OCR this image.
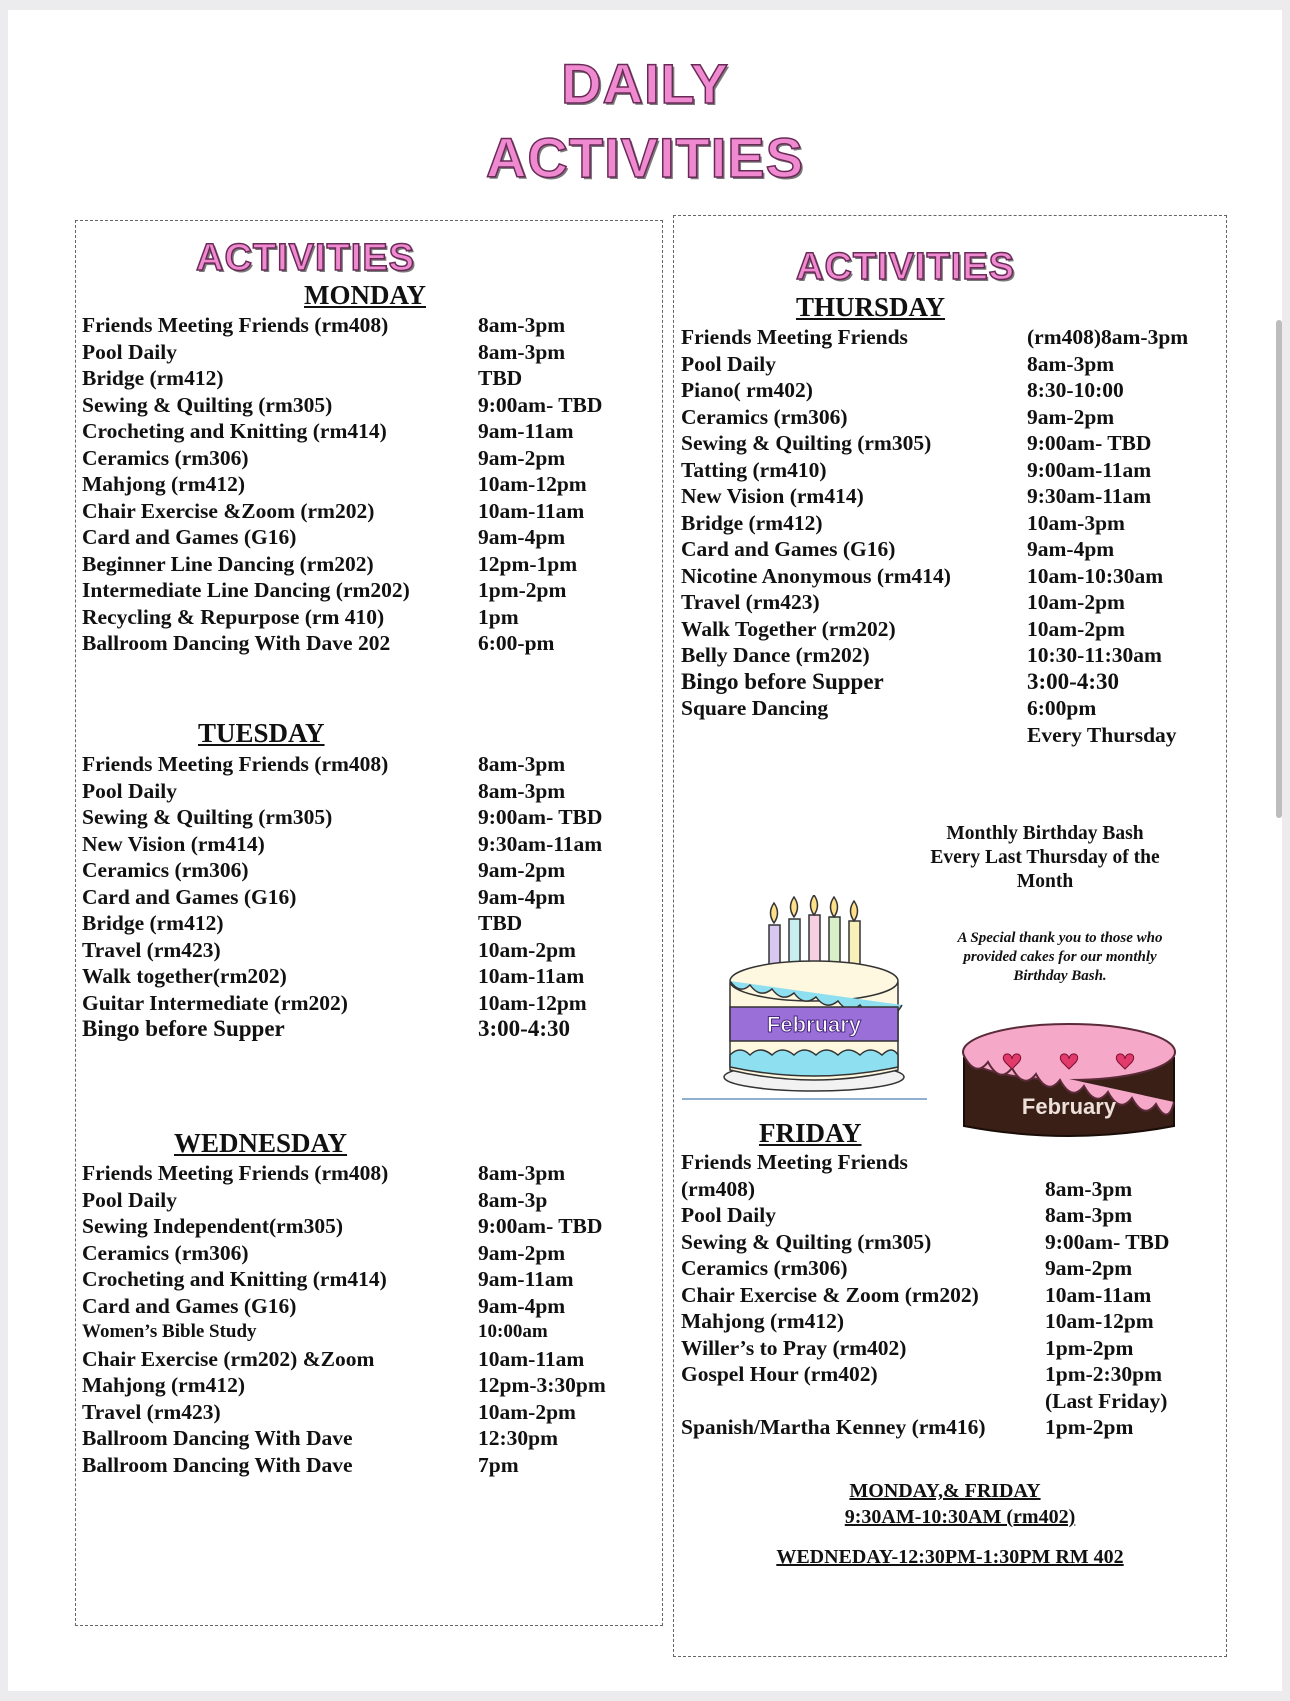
DAILY
ACTIVITIES
ACTIVITIES
MONDAY
Friends Meeting Friends (rm408)	8am-3pm
Pool Daily	8am-3pm
Bridge (rm412)	TBD
Sewing & Quilting (rm305)	9:00am- TBD
Crocheting and Knitting (rm414)	9am-11am
Ceramics (rm306)	9am-2pm
Mahjong (rm412)	10am-12pm
Chair Exercise &Zoom (rm202)	10am-11am
Card and Games (G16)	9am-4pm
Beginner Line Dancing (rm202)	12pm-1pm
Intermediate Line Dancing (rm202)	1pm-2pm
Recycling & Repurpose (rm 410)	1pm
Ballroom Dancing With Dave 202	6:00-pm
TUESDAY
Friends Meeting Friends (rm408)	8am-3pm
Pool Daily	8am-3pm
Sewing & Quilting (rm305)	9:00am- TBD
New Vision (rm414)	9:30am-11am
Ceramics (rm306)	9am-2pm
Card and Games (G16)	9am-4pm
Bridge (rm412)	TBD
Travel (rm423)	10am-2pm
Walk together(rm202)	10am-11am
Guitar Intermediate (rm202)	10am-12pm
Bingo before Supper	3:00-4:30
WEDNESDAY
Friends Meeting Friends (rm408)	8am-3pm
Pool Daily	8am-3p
Sewing Independent(rm305)	9:00am- TBD
Ceramics (rm306)	9am-2pm
Crocheting and Knitting (rm414)	9am-11am
Card and Games (G16)	9am-4pm
Women’s Bible Study	10:00am
Chair Exercise (rm202) &Zoom	10am-11am
Mahjong (rm412)	12pm-3:30pm
Travel (rm423)	10am-2pm
Ballroom Dancing With Dave	12:30pm
Ballroom Dancing With Dave	7pm
ACTIVITIES
THURSDAY
Friends Meeting Friends	(rm408)8am-3pm
Pool Daily	8am-3pm
Piano( rm402)	8:30-10:00
Ceramics (rm306)	9am-2pm
Sewing & Quilting (rm305)	9:00am- TBD
Tatting (rm410)	9:00am-11am
New Vision (rm414)	9:30am-11am
Bridge (rm412)	10am-3pm
Card and Games (G16)	9am-4pm
Nicotine Anonymous (rm414)	10am-10:30am
Travel (rm423)	10am-2pm
Walk Together (rm202)	10am-2pm
Belly Dance (rm202)	10:30-11:30am
Bingo before Supper	3:00-4:30
Square Dancing	6:00pm
Every Thursday
Monthly Birthday Bash
Every Last Thursday of the
Month
A Special thank you to those who
provided cakes for our monthly
Birthday Bash.
February
February
FRIDAY
Friends Meeting Friends
(rm408)	8am-3pm
Pool Daily	8am-3pm
Sewing & Quilting (rm305)	9:00am- TBD
Ceramics (rm306)	9am-2pm
Chair Exercise & Zoom (rm202)	10am-11am
Mahjong (rm412)	10am-12pm
Willer’s to Pray (rm402)	1pm-2pm
Gospel Hour (rm402)	1pm-2:30pm
(Last Friday)
Spanish/Martha Kenney (rm416)	1pm-2pm
MONDAY,& FRIDAY
9:30AM-10:30AM (rm402)
WEDNEDAY-12:30PM-1:30PM RM 402
